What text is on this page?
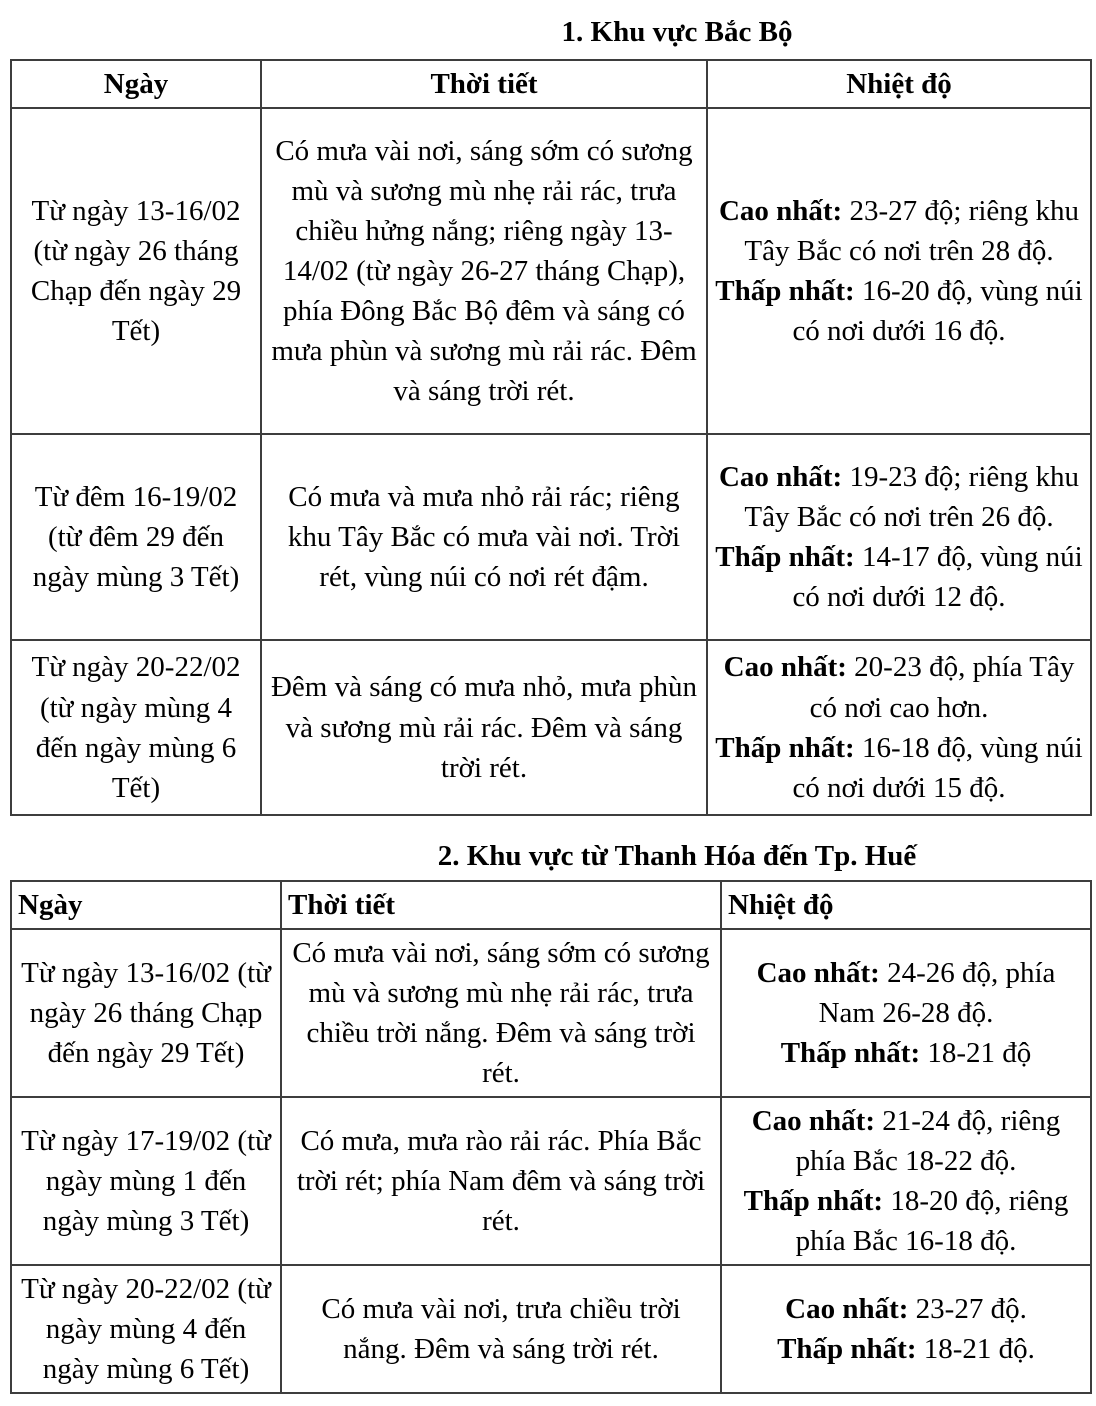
1. Khu vực Bắc Bộ

Ngày	Thời tiết	Nhiệt độ
Từ ngày 13-16/02 (từ ngày 26 tháng Chạp đến ngày 29 Tết)	Có mưa vài nơi, sáng sớm có sương mù và sương mù nhẹ rải rác, trưa chiều hửng nắng; riêng ngày 13-14/02 (từ ngày 26-27 tháng Chạp), phía Đông Bắc Bộ đêm và sáng có mưa phùn và sương mù rải rác. Đêm và sáng trời rét.	Cao nhất: 23-27 độ; riêng khu Tây Bắc có nơi trên 28 độ.
Thấp nhất: 16-20 độ, vùng núi có nơi dưới 16 độ.

Từ đêm 16-19/02 (từ đêm 29 đến ngày mùng 3 Tết)	Có mưa và mưa nhỏ rải rác; riêng khu Tây Bắc có mưa vài nơi. Trời rét, vùng núi có nơi rét đậm.	Cao nhất: 19-23 độ; riêng khu Tây Bắc có nơi trên 26 độ.
Thấp nhất: 14-17 độ, vùng núi có nơi dưới 12 độ.

Từ ngày 20-22/02 (từ ngày mùng 4 đến ngày mùng 6 Tết)	Đêm và sáng có mưa nhỏ, mưa phùn và sương mù rải rác. Đêm và sáng trời rét.	Cao nhất: 20-23 độ, phía Tây có nơi cao hơn.
Thấp nhất: 16-18 độ, vùng núi có nơi dưới 15 độ.

2. Khu vực từ Thanh Hóa đến Tp. Huế

Ngày	Thời tiết	Nhiệt độ
Từ ngày 13-16/02 (từ ngày 26 tháng Chạp đến ngày 29 Tết)	Có mưa vài nơi, sáng sớm có sương mù và sương mù nhẹ rải rác, trưa chiều trời nắng. Đêm và sáng trời rét.	Cao nhất: 24-26 độ, phía Nam 26-28 độ.
Thấp nhất: 18-21 độ

Từ ngày 17-19/02 (từ ngày mùng 1 đến ngày mùng 3 Tết)	Có mưa, mưa rào rải rác. Phía Bắc trời rét; phía Nam đêm và sáng trời rét.	Cao nhất: 21-24 độ, riêng phía Bắc 18-22 độ.
Thấp nhất: 18-20 độ, riêng phía Bắc 16-18 độ.

Từ ngày 20-22/02 (từ ngày mùng 4 đến ngày mùng 6 Tết)	Có mưa vài nơi, trưa chiều trời nắng. Đêm và sáng trời rét.	Cao nhất: 23-27 độ.
Thấp nhất: 18-21 độ.
